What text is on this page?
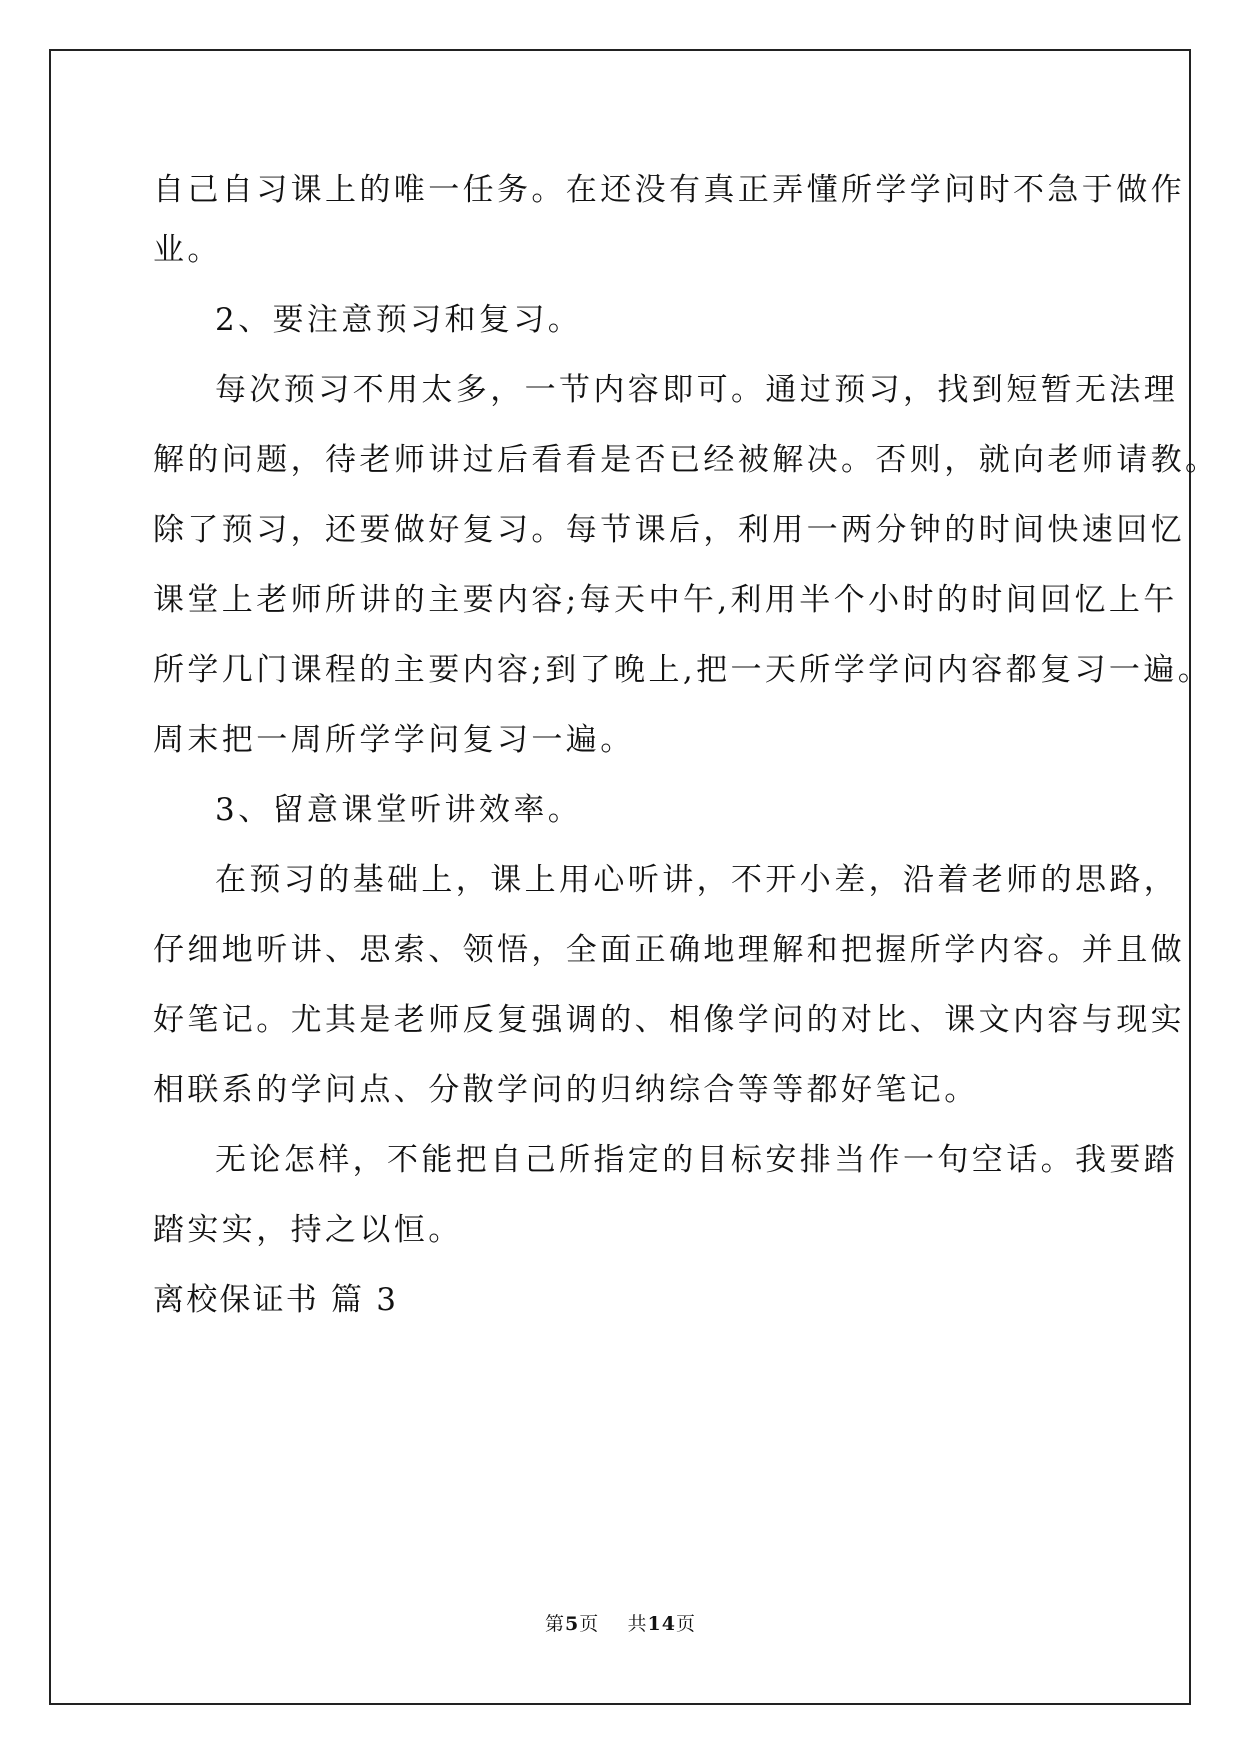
自己自习课上的唯一任务。在还没有真正弄懂所学学问时不急于做作
业。
2、要注意预习和复习。
每次预习不用太多，一节内容即可。通过预习，找到短暂无法理
解的问题，待老师讲过后看看是否已经被解决。否则，就向老师请教。
除了预习，还要做好复习。每节课后，利用一两分钟的时间快速回忆
课堂上老师所讲的主要内容;每天中午,利用半个小时的时间回忆上午
所学几门课程的主要内容;到了晚上,把一天所学学问内容都复习一遍。
周末把一周所学学问复习一遍。
3、留意课堂听讲效率。
在预习的基础上，课上用心听讲，不开小差，沿着老师的思路，
仔细地听讲、思索、领悟，全面正确地理解和把握所学内容。并且做
好笔记。尤其是老师反复强调的、相像学问的对比、课文内容与现实
相联系的学问点、分散学问的归纳综合等等都好笔记。
无论怎样，不能把自己所指定的目标安排当作一句空话。我要踏
踏实实，持之以恒。
离校保证书 篇 3
第5页 共14页
